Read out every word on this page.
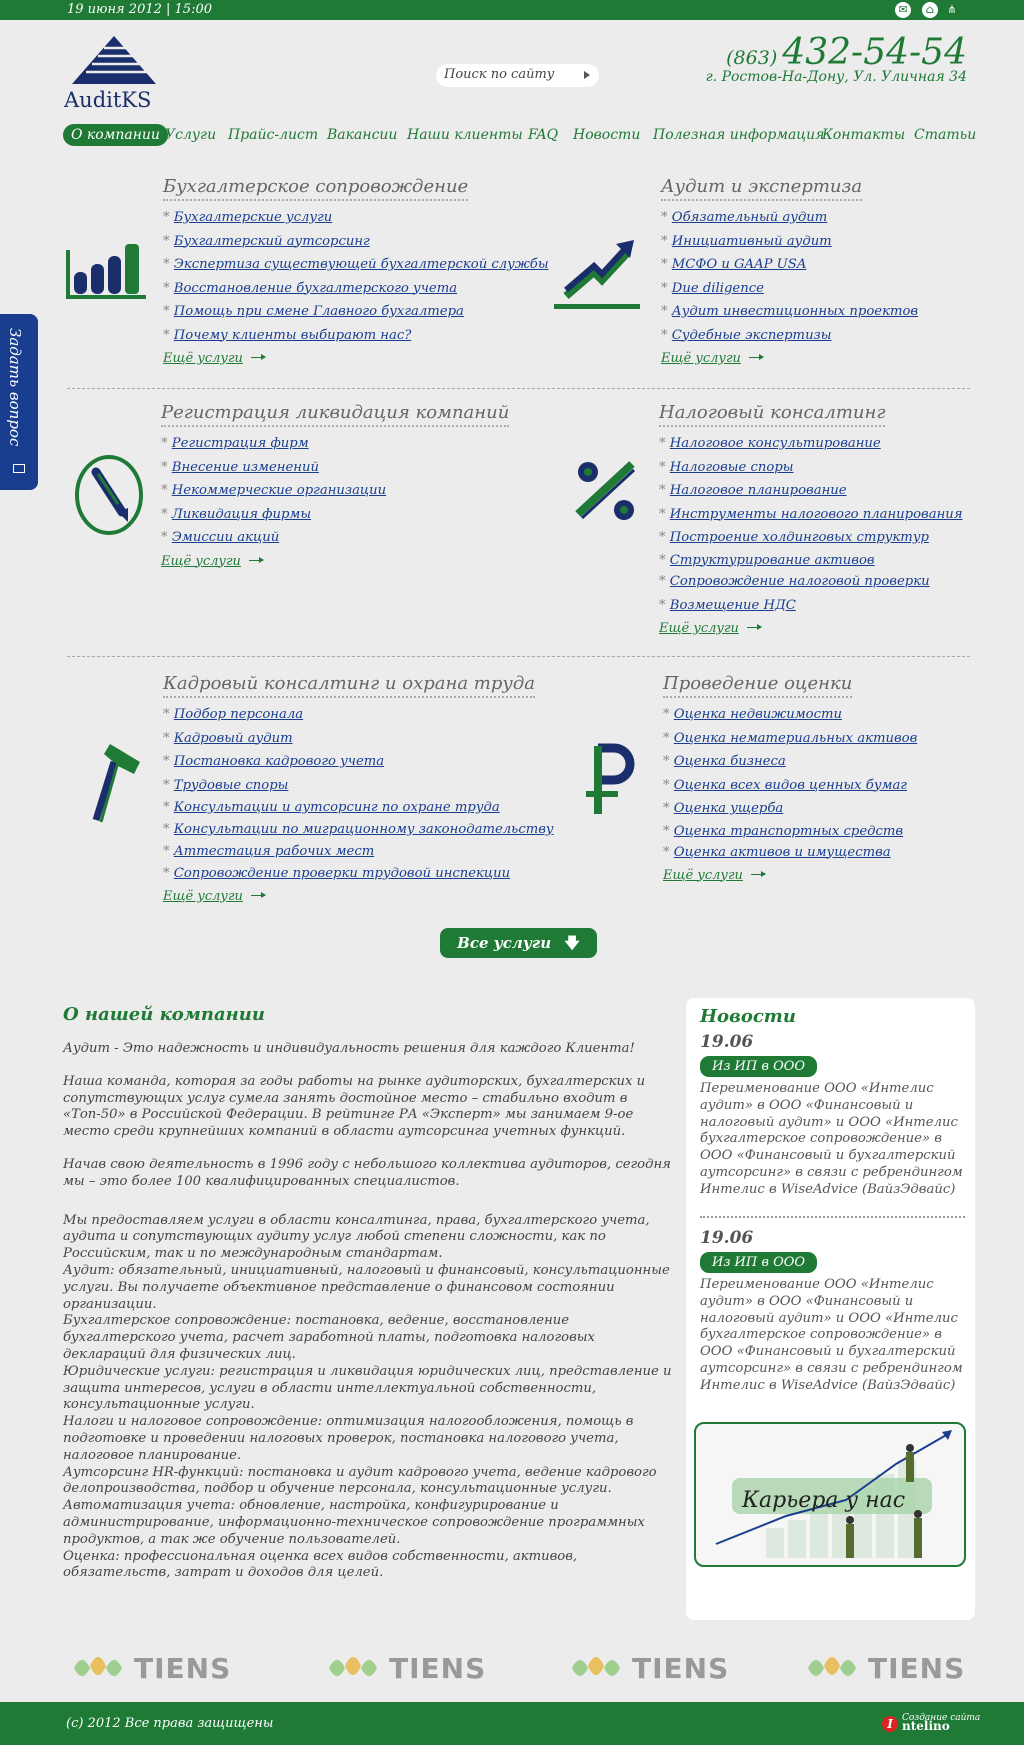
19 июня 2012 | 15:00	✉	⌂	⋔
AuditKS
Поиск по сайту
(863) 432-54-54
г. Ростов-На-Дону, Ул. Уличная 34
О компании Услуги Прайс-лист Вакансии Наши клиенты FAQ Новости Полезная информация
Контакты Статьи
Задать вопрос
Бухгалтерское сопровождение
* Бухгалтерские услуги
* Бухгалтерский аутсорсинг
* Экспертиза существующей бухгалтерской службы
* Восстановление бухгалтерского учета
* Помощь при смене Главного бухгалтера
* Почему клиенты выбирают нас?
Ещё услуги
Аудит и экспертиза
* Обязательный аудит
* Инициативный аудит
* МСФО и GAAP USA
* Due diligence
* Аудит инвестиционных проектов
* Судебные экспертизы
Ещё услуги
Регистрация ликвидация компаний
* Регистрация фирм
* Внесение изменений
* Некоммерческие организации
* Ликвидация фирмы
* Эмиссии акций
Ещё услуги
Налоговый консалтинг
* Налоговое консультирование
* Налоговые споры
* Налоговое планирование
* Инструменты налогового планирования
* Построение холдинговых структур
* Структурирование активов
* Сопровождение налоговой проверки
* Возмещение НДС
Ещё услуги
Кадровый консалтинг и охрана труда
* Подбор персонала
* Кадровый аудит
* Постановка кадрового учета
* Трудовые споры
* Консультации и аутсорсинг по охране труда
* Консультации по миграционному законодательству
* Аттестация рабочих мест
* Сопровождение проверки трудовой инспекции
Ещё услуги
Проведение оценки
* Оценка недвижимости
* Оценка нематериальных активов
* Оценка бизнеса
* Оценка всех видов ценных бумаг
* Оценка ущерба
* Оценка транспортных средств
* Оценка активов и имущества
Ещё услуги
Все услуги 🡇
О нашей компании

Аудит - Это надежность и индивидуальность решения для каждого Клиента!

Наша команда, которая за годы работы на рынке аудиторских, бухгалтерских и сопутствующих услуг сумела занять достойное место – стабильно входит в «Топ-50» в Российской Федерации. В рейтинге РА «Эксперт» мы занимаем 9-ое место среди крупнейших компаний в области аутсорсинга учетных функций.

Начав свою деятельность в 1996 году с небольшого коллектива аудиторов, сегодня мы – это более 100 квалифицированных специалистов.

Мы предоставляем услуги в области консалтинга, права, бухгалтерского учета, аудита и сопутствующих аудиту услуг любой степени сложности, как по Российским, так и по международным стандартам.
Аудит: обязательный, инициативный, налоговый и финансовый, консультационные услуги. Вы получаете объективное представление о финансовом состоянии организации.
Бухгалтерское сопровождение: постановка, ведение, восстановление бухгалтерского учета, расчет заработной платы, подготовка налоговых деклараций для физических лиц.
Юридические услуги: регистрация и ликвидация юридических лиц, представление и защита интересов, услуги в области интеллектуальной собственности, консультационные услуги.
Налоги и налоговое сопровождение: оптимизация налогообложения, помощь в подготовке и проведении налоговых проверок, постановка налогового учета, налоговое планирование.
Аутсорсинг HR-функций: постановка и аудит кадрового учета, ведение кадрового делопроизводства, подбор и обучение персонала, консультационные услуги.
Автоматизация учета: обновление, настройка, конфигурирование и администрирование, информационно-техническое сопровождение программных продуктов, а так же обучение пользователей.
Оценка: профессиональная оценка всех видов собственности, активов, обязательств, затрат и доходов для целей.

Новости
19.06
Из ИП в ООО

Переименование ООО «Интелис аудит» в ООО «Финансовый и налоговый аудит» и ООО «Интелис бухгалтерское сопровождение» в ООО «Финансовый и бухгалтерский аутсорсинг» в связи с ребрендингом Интелис в WiseAdvice (ВайзЭдвайс)

19.06
Из ИП в ООО

Переименование ООО «Интелис аудит» в ООО «Финансовый и налоговый аудит» и ООО «Интелис бухгалтерское сопровождение» в ООО «Финансовый и бухгалтерский аутсорсинг» в связи с ребрендингом Интелис в WiseAdvice (ВайзЭдвайс)

Карьера у нас
TIENS	TIENS	TIENS	TIENS
(c) 2012 Все права защищены	I	Создание сайта
ntelino
